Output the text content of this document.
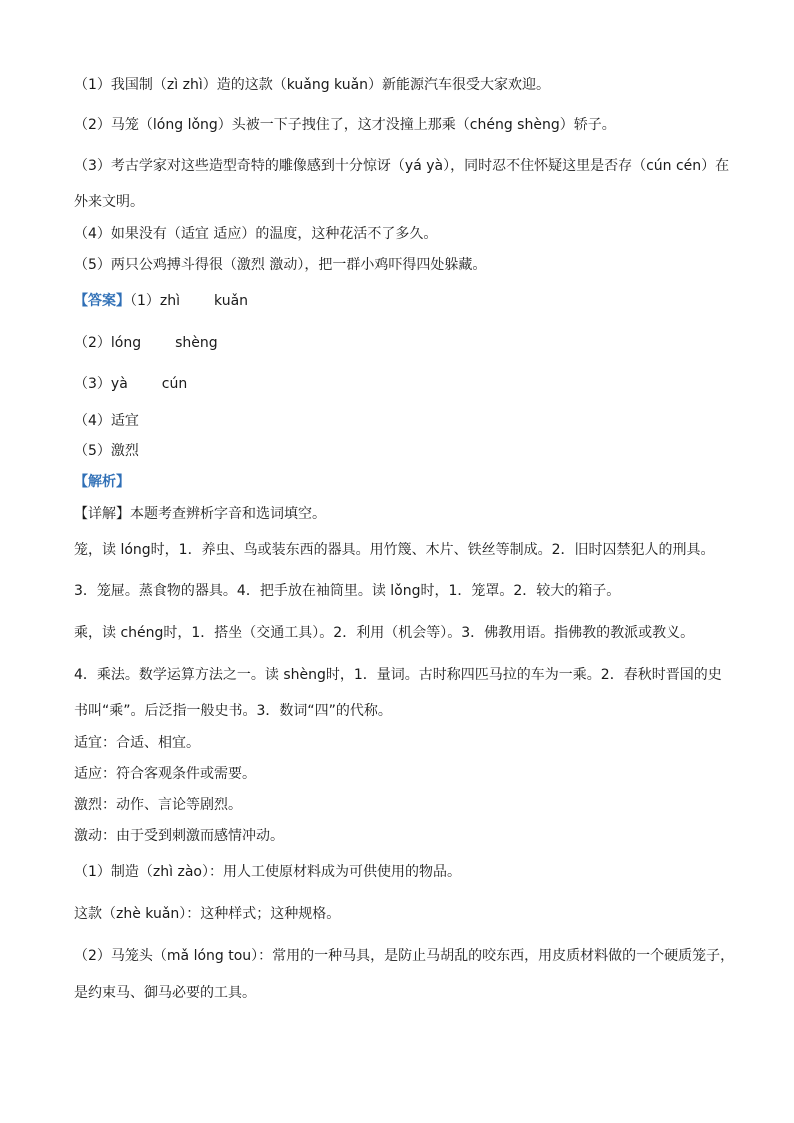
（1）我国制（zì zhì）造的这款（kuǎng kuǎn）新能源汽车很受大家欢迎。
（2）马笼（lóng lǒng）头被一下子拽住了，这才没撞上那乘（chéng shèng）轿子。
（3）考古学家对这些造型奇特的雕像感到十分惊讶（yá yà），同时忍不住怀疑这里是否存（cún cén）在
外来文明。
（4）如果没有（适宜 适应）的温度，这种花活不了多久。
（5）两只公鸡搏斗得很（激烈 激动），把一群小鸡吓得四处躲藏。
【答案】（1）zhì kuǎn
（2）lóng shèng
（3）yà cún
（4）适宜
（5）激烈
【解析】
【详解】本题考查辨析字音和选词填空。
笼，读 lóng时，1．养虫、鸟或装东西的器具。用竹篾、木片、铁丝等制成。2．旧时囚禁犯人的刑具。
3．笼屉。蒸食物的器具。4．把手放在袖筒里。读 lǒng时，1．笼罩。2．较大的箱子。
乘，读 chéng时，1．搭坐（交通工具）。2．利用（机会等）。3．佛教用语。指佛教的教派或教义。
4．乘法。数学运算方法之一。读 shèng时，1．量词。古时称四匹马拉的车为一乘。2．春秋时晋国的史
书叫“乘”。后泛指一般史书。3．数词“四”的代称。
适宜：合适、相宜。
适应：符合客观条件或需要。
激烈：动作、言论等剧烈。
激动：由于受到刺激而感情冲动。
（1）制造（zhì zào）：用人工使原材料成为可供使用的物品。
这款（zhè kuǎn）：这种样式；这种规格。
（2）马笼头（mǎ lóng tou）：常用的一种马具，是防止马胡乱的咬东西，用皮质材料做的一个硬质笼子，
是约束马、御马必要的工具。
